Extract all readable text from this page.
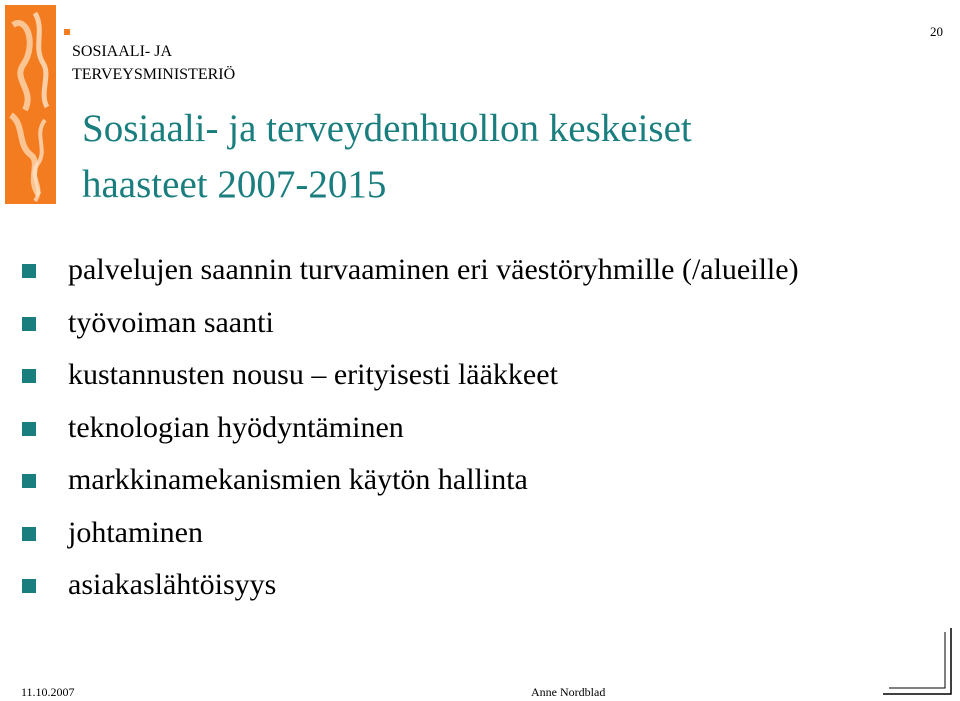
SOSIAALI- JA
TERVEYSMINISTERIÖ
20
Sosiaali- ja terveydenhuollon keskeiset
haasteet 2007-2015
palvelujen saannin turvaaminen eri väestöryhmille (/alueille)
työvoiman saanti
kustannusten nousu – erityisesti lääkkeet
teknologian hyödyntäminen
markkinamekanismien käytön hallinta
johtaminen
asiakaslähtöisyys
11.10.2007	Anne Nordblad
